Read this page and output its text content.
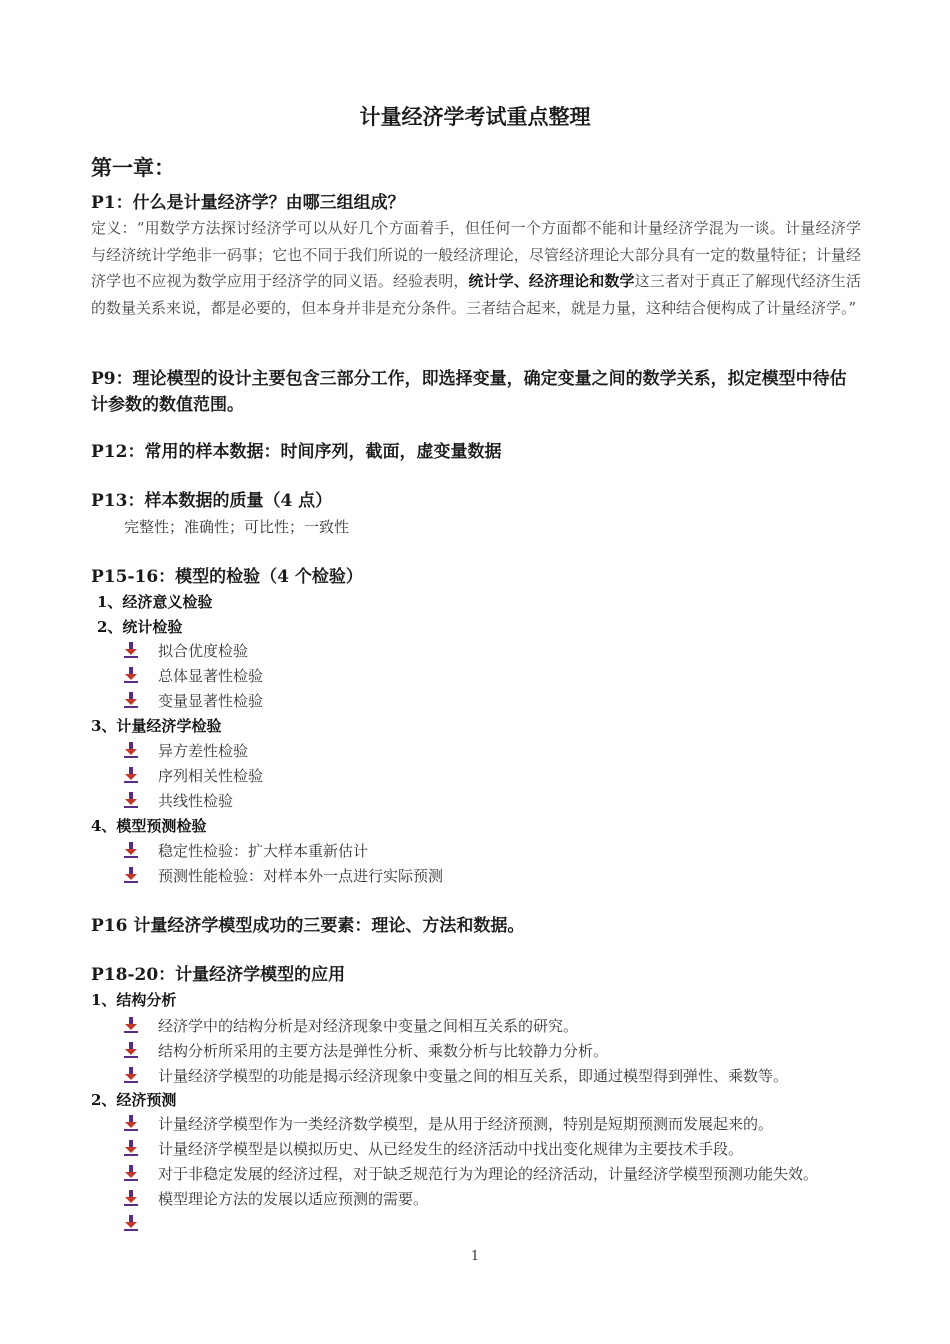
计量经济学考试重点整理
第一章：
P1：什么是计量经济学？由哪三组组成？
定义：“用数学方法探讨经济学可以从好几个方面着手，但任何一个方面都不能和计量经济学混为一谈。计量经济学与经济统计学绝非一码事；它也不同于我们所说的一般经济理论，尽管经济理论大部分具有一定的数量特征；计量经济学也不应视为数学应用于经济学的同义语。经验表明，统计学、经济理论和数学这三者对于真正了解现代经济生活的数量关系来说，都是必要的，但本身并非是充分条件。三者结合起来，就是力量，这种结合便构成了计量经济学。”
P9：理论模型的设计主要包含三部分工作，即选择变量，确定变量之间的数学关系，拟定模型中待估计参数的数值范围。
P12：常用的样本数据：时间序列，截面，虚变量数据
P13：样本数据的质量（4 点）
完整性；准确性；可比性；一致性
P15-16：模型的检验（4 个检验）
1、经济意义检验
2、统计检验
拟合优度检验
总体显著性检验
变量显著性检验
3、计量经济学检验
异方差性检验
序列相关性检验
共线性检验
4、模型预测检验
稳定性检验：扩大样本重新估计
预测性能检验：对样本外一点进行实际预测
P16 计量经济学模型成功的三要素：理论、方法和数据。
P18-20：计量经济学模型的应用
1、结构分析
经济学中的结构分析是对经济现象中变量之间相互关系的研究。
结构分析所采用的主要方法是弹性分析、乘数分析与比较静力分析。
计量经济学模型的功能是揭示经济现象中变量之间的相互关系，即通过模型得到弹性、乘数等。
2、经济预测
计量经济学模型作为一类经济数学模型，是从用于经济预测，特别是短期预测而发展起来的。
计量经济学模型是以模拟历史、从已经发生的经济活动中找出变化规律为主要技术手段。
对于非稳定发展的经济过程，对于缺乏规范行为为理论的经济活动，计量经济学模型预测功能失效。
模型理论方法的发展以适应预测的需要。
1
